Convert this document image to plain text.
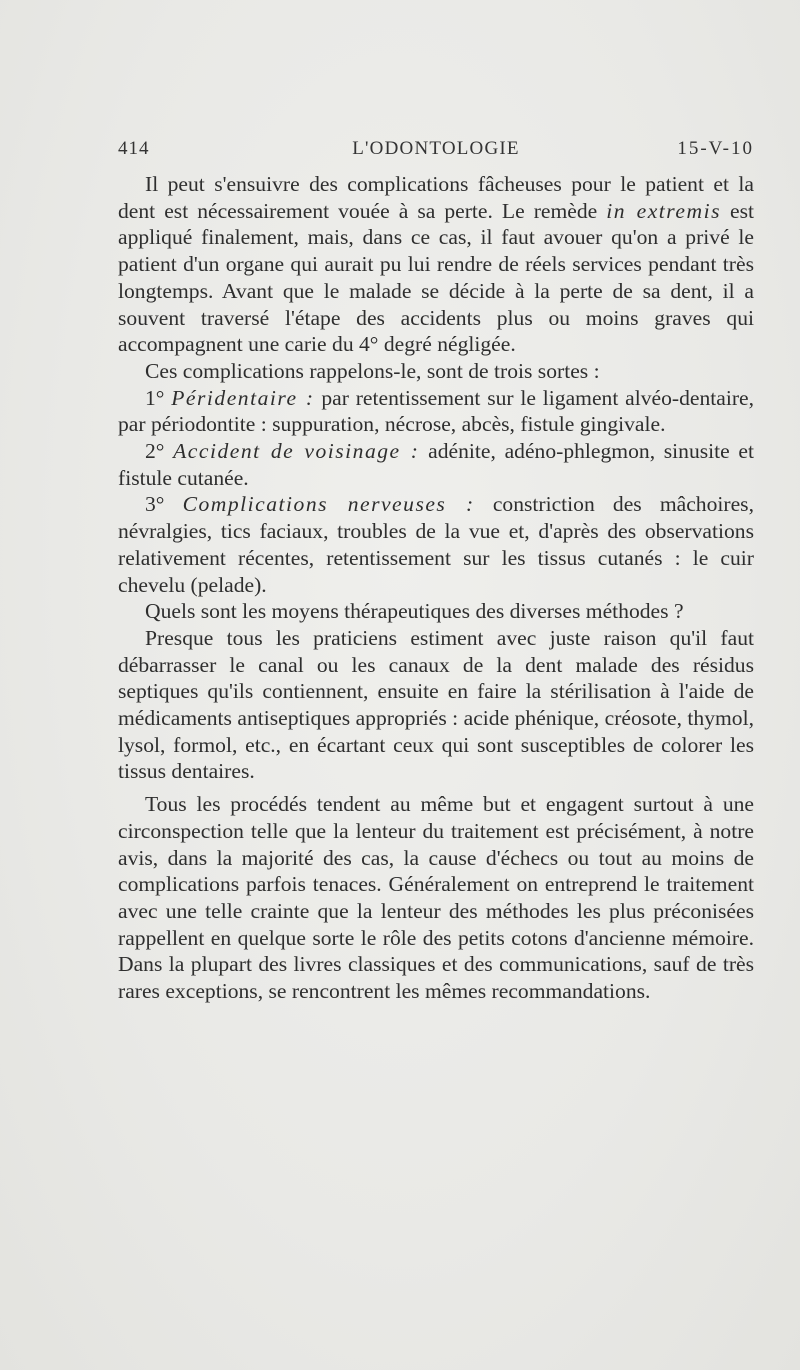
414	L'ODONTOLOGIE	15-V-10

Il peut s'ensuivre des complications fâcheuses pour le patient et la dent est nécessairement vouée à sa perte. Le remède in extremis est appliqué finalement, mais, dans ce cas, il faut avouer qu'on a privé le patient d'un organe qui aurait pu lui rendre de réels services pendant très longtemps. Avant que le malade se décide à la perte de sa dent, il a souvent traversé l'étape des accidents plus ou moins graves qui accompagnent une carie du 4° degré négligée.

Ces complications rappelons-le, sont de trois sortes :

1° Péridentaire : par retentissement sur le ligament alvéo-dentaire, par périodontite : suppuration, nécrose, abcès, fistule gingivale.

2° Accident de voisinage : adénite, adéno-phlegmon, sinusite et fistule cutanée.

3° Complications nerveuses : constriction des mâchoires, névralgies, tics faciaux, troubles de la vue et, d'après des observations relativement récentes, retentissement sur les tissus cutanés : le cuir chevelu (pelade).

Quels sont les moyens thérapeutiques des diverses méthodes ?

Presque tous les praticiens estiment avec juste raison qu'il faut débarrasser le canal ou les canaux de la dent malade des résidus septiques qu'ils contiennent, ensuite en faire la stérilisation à l'aide de médicaments antiseptiques appropriés : acide phénique, créosote, thymol, lysol, formol, etc., en écartant ceux qui sont susceptibles de colorer les tissus dentaires.

Tous les procédés tendent au même but et engagent surtout à une circonspection telle que la lenteur du traitement est précisément, à notre avis, dans la majorité des cas, la cause d'échecs ou tout au moins de complications parfois tenaces. Généralement on entreprend le traitement avec une telle crainte que la lenteur des méthodes les plus préconisées rappellent en quelque sorte le rôle des petits cotons d'ancienne mémoire. Dans la plupart des livres classiques et des communications, sauf de très rares exceptions, se rencontrent les mêmes recommandations.
